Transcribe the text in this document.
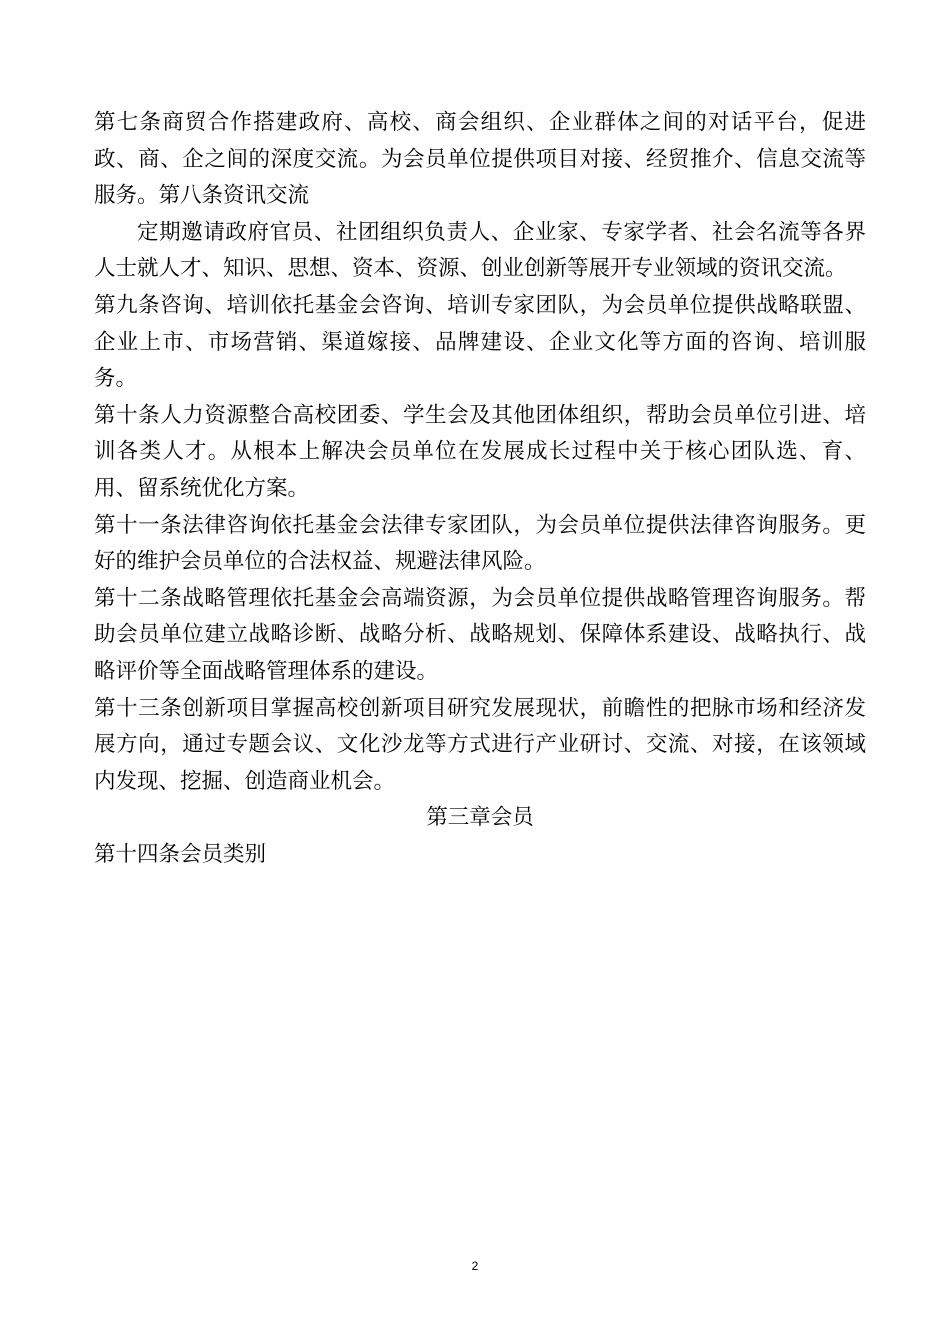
第七条商贸合作搭建政府、高校、商会组织、企业群体之间的对话平台，促进政、商、企之间的深度交流。为会员单位提供项目对接、经贸推介、信息交流等服务。第八条资讯交流

定期邀请政府官员、社团组织负责人、企业家、专家学者、社会名流等各界人士就人才、知识、思想、资本、资源、创业创新等展开专业领域的资讯交流。

第九条咨询、培训依托基金会咨询、培训专家团队，为会员单位提供战略联盟、企业上市、市场营销、渠道嫁接、品牌建设、企业文化等方面的咨询、培训服务。

第十条人力资源整合高校团委、学生会及其他团体组织，帮助会员单位引进、培训各类人才。从根本上解决会员单位在发展成长过程中关于核心团队选、育、用、留系统优化方案。

第十一条法律咨询依托基金会法律专家团队，为会员单位提供法律咨询服务。更好的维护会员单位的合法权益、规避法律风险。

第十二条战略管理依托基金会高端资源，为会员单位提供战略管理咨询服务。帮助会员单位建立战略诊断、战略分析、战略规划、保障体系建设、战略执行、战略评价等全面战略管理体系的建设。

第十三条创新项目掌握高校创新项目研究发展现状，前瞻性的把脉市场和经济发展方向，通过专题会议、文化沙龙等方式进行产业研讨、交流、对接，在该领域内发现、挖掘、创造商业机会。

第三章会员

第十四条会员类别

2
